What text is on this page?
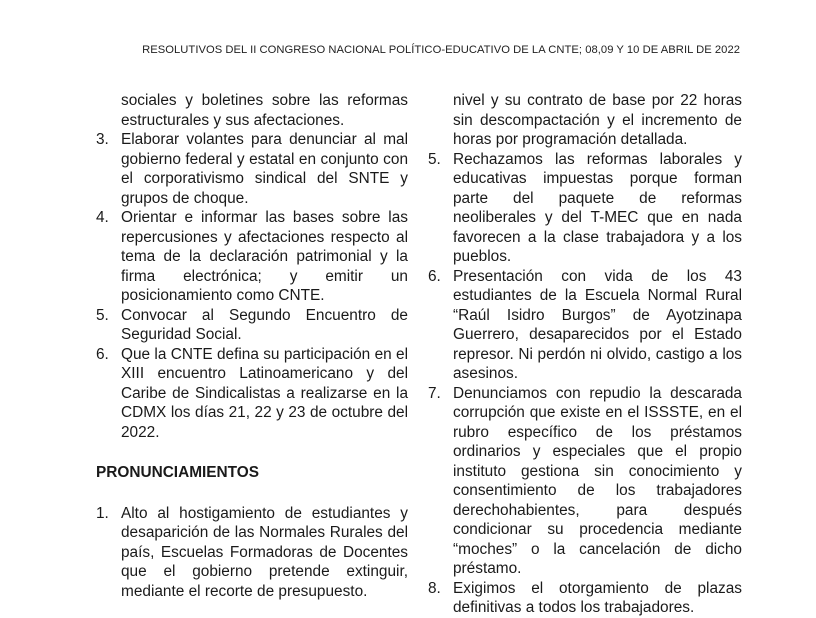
RESOLUTIVOS DEL II CONGRESO NACIONAL POLÍTICO-EDUCATIVO DE LA CNTE; 08,09 Y 10 DE ABRIL DE 2022
sociales y boletines sobre las reformas estructurales y sus afectaciones.
3. Elaborar volantes para denunciar al mal gobierno federal y estatal en conjunto con el corporativismo sindical del SNTE y grupos de choque.
4. Orientar e informar las bases sobre las repercusiones y afectaciones respecto al tema de la declaración patrimonial y la firma electrónica; y emitir un posicionamiento como CNTE.
5. Convocar al Segundo Encuentro de Seguridad Social.
6. Que la CNTE defina su participación en el XIII encuentro Latinoamericano y del Caribe de Sindicalistas a realizarse en la CDMX los días 21, 22 y 23 de octubre del 2022.
PRONUNCIAMIENTOS
1. Alto al hostigamiento de estudiantes y desaparición de las Normales Rurales del país, Escuelas Formadoras de Docentes que el gobierno pretende extinguir, mediante el recorte de presupuesto.
nivel y su contrato de base por 22 horas sin descompactación y el incremento de horas por programación detallada.
5. Rechazamos las reformas laborales y educativas impuestas porque forman parte del paquete de reformas neoliberales y del T-MEC que en nada favorecen a la clase trabajadora y a los pueblos.
6. Presentación con vida de los 43 estudiantes de la Escuela Normal Rural “Raúl Isidro Burgos” de Ayotzinapa Guerrero, desaparecidos por el Estado represor. Ni perdón ni olvido, castigo a los asesinos.
7. Denunciamos con repudio la descarada corrupción que existe en el ISSSTE, en el rubro específico de los préstamos ordinarios y especiales que el propio instituto gestiona sin conocimiento y consentimiento de los trabajadores derechohabientes, para después condicionar su procedencia mediante “moches” o la cancelación de dicho préstamo.
8. Exigimos el otorgamiento de plazas definitivas a todos los trabajadores.
